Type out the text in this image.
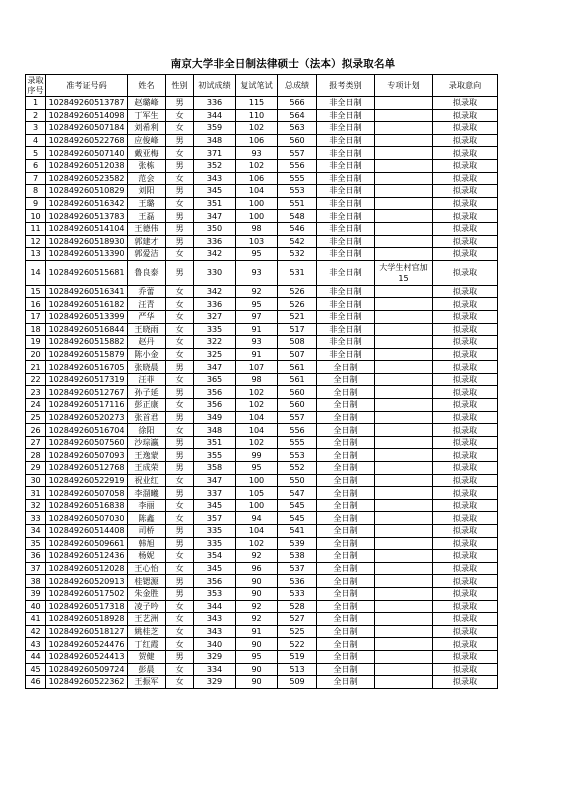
南京大学非全日制法律硕士（法本）拟录取名单
录取序号	准考证号码	姓名	性别	初试成绩	复试笔试	总成绩	报考类别	专项计划	录取意向
1	102849260513787	赵璐峰	男	336	115	566	非全日制		拟录取
2	102849260514098	丁军生	女	344	110	564	非全日制		拟录取
3	102849260507184	刘希利	女	359	102	563	非全日制		拟录取
4	102849260522768	应俊峰	男	348	106	560	非全日制		拟录取
5	102849260507140	戴亚梅	女	371	93	557	非全日制		拟录取
6	102849260512038	张栋	男	352	102	556	非全日制		拟录取
7	102849260523582	范会	女	343	106	555	非全日制		拟录取
8	102849260510829	刘阳	男	345	104	553	非全日制		拟录取
9	102849260516342	王璐	女	351	100	551	非全日制		拟录取
10	102849260513783	王磊	男	347	100	548	非全日制		拟录取
11	102849260514104	王德伟	男	350	98	546	非全日制		拟录取
12	102849260518930	郭建才	男	336	103	542	非全日制		拟录取
13	102849260513390	郭爱洁	女	342	95	532	非全日制		拟录取
14	102849260515681	鲁良泰	男	330	93	531	非全日制	大学生村官加15	拟录取
15	102849260516341	乔蕾	女	342	92	526	非全日制		拟录取
16	102849260516182	汪青	女	336	95	526	非全日制		拟录取
17	102849260513399	严华	女	327	97	521	非全日制		拟录取
18	102849260516844	王晓雨	女	335	91	517	非全日制		拟录取
19	102849260515882	赵丹	女	322	93	508	非全日制		拟录取
20	102849260515879	陈小金	女	325	91	507	非全日制		拟录取
21	102849260516705	张晓晨	男	347	107	561	全日制		拟录取
22	102849260517319	汪菲	女	365	98	561	全日制		拟录取
23	102849260512767	孙子延	男	356	102	560	全日制		拟录取
24	102849260517116	彭正康	女	356	102	560	全日制		拟录取
25	102849260520273	张首君	男	349	104	557	全日制		拟录取
26	102849260516704	徐阳	女	348	104	556	全日制		拟录取
27	102849260507560	沙琮瀛	男	351	102	555	全日制		拟录取
28	102849260507093	王逸蒙	男	355	99	553	全日制		拟录取
29	102849260512768	王成荣	男	358	95	552	全日制		拟录取
30	102849260522919	祝业红	女	347	100	550	全日制		拟录取
31	102849260507058	李溜曦	男	337	105	547	全日制		拟录取
32	102849260516838	李丽	女	345	100	545	全日制		拟录取
33	102849260507030	陈鑫	女	357	94	545	全日制		拟录取
34	102849260514408	司桥	男	335	104	541	全日制		拟录取
35	102849260509661	韩旭	男	335	102	539	全日制		拟录取
36	102849260512436	杨妮	女	354	92	538	全日制		拟录取
37	102849260512028	王心怡	女	345	96	537	全日制		拟录取
38	102849260520913	桂锶源	男	356	90	536	全日制		拟录取
39	102849260517502	朱金胜	男	353	90	533	全日制		拟录取
40	102849260517318	凌子吟	女	344	92	528	全日制		拟录取
41	102849260518928	王艺洲	女	343	92	527	全日制		拟录取
42	102849260518127	姚桂芝	女	343	91	525	全日制		拟录取
43	102849260524476	丁红霞	女	340	90	522	全日制		拟录取
44	102849260524413	贺健	男	329	95	519	全日制		拟录取
45	102849260509724	彭晨	女	334	90	513	全日制		拟录取
46	102849260522362	王振军	女	329	90	509	全日制		拟录取
